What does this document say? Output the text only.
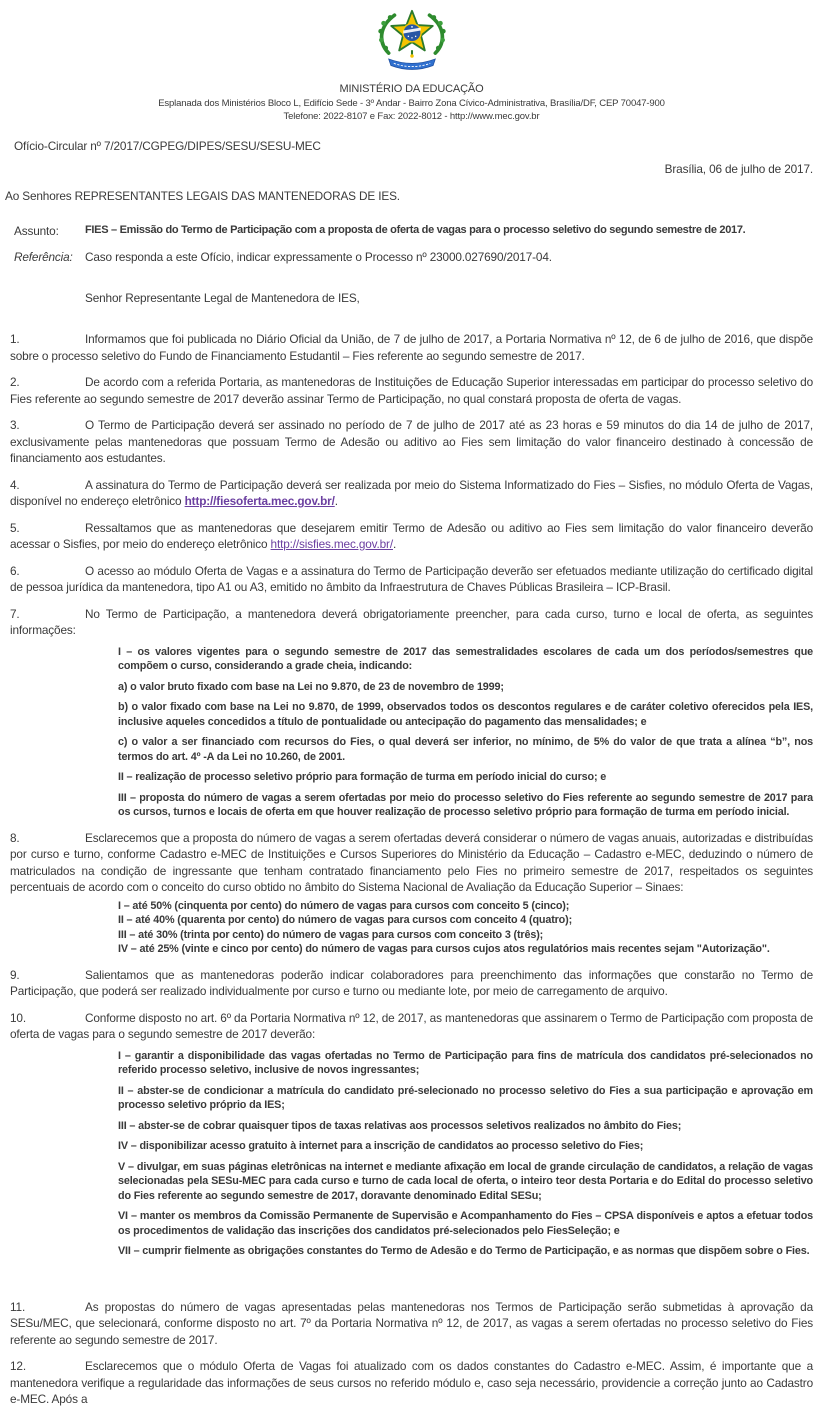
MINISTÉRIO DA EDUCAÇÃO
Esplanada dos Ministérios Bloco L, Edifício Sede - 3º Andar - Bairro Zona Cívico-Administrativa, Brasília/DF, CEP 70047-900
Telefone: 2022-8107 e Fax: 2022-8012 - http://www.mec.gov.br
Ofício-Circular nº 7/2017/CGPEG/DIPES/SESU/SESU-MEC
Brasília, 06 de julho de 2017.
Ao Senhores REPRESENTANTES LEGAIS DAS MANTENEDORAS DE IES.
Assunto:	FIES – Emissão do Termo de Participação com a proposta de oferta de vagas para o processo seletivo do segundo semestre de 2017.
Referência:	Caso responda a este Ofício, indicar expressamente o Processo nº 23000.027690/2017-04.
Senhor Representante Legal de Mantenedora de IES,
1.	Informamos que foi publicada no Diário Oficial da União, de 7 de julho de 2017, a Portaria Normativa nº 12, de 6 de julho de 2016, que dispõe sobre o processo seletivo do Fundo de Financiamento Estudantil – Fies referente ao segundo semestre de 2017.
2.	De acordo com a referida Portaria, as mantenedoras de Instituições de Educação Superior interessadas em participar do processo seletivo do Fies referente ao segundo semestre de 2017 deverão assinar Termo de Participação, no qual constará proposta de oferta de vagas.
3.	O Termo de Participação deverá ser assinado no período de 7 de julho de 2017 até as 23 horas e 59 minutos do dia 14 de julho de 2017, exclusivamente pelas mantenedoras que possuam Termo de Adesão ou aditivo ao Fies sem limitação do valor financeiro destinado à concessão de financiamento aos estudantes.
4.	A assinatura do Termo de Participação deverá ser realizada por meio do Sistema Informatizado do Fies – Sisfies, no módulo Oferta de Vagas, disponível no endereço eletrônico http://fiesoferta.mec.gov.br/.
5.	Ressaltamos que as mantenedoras que desejarem emitir Termo de Adesão ou aditivo ao Fies sem limitação do valor financeiro deverão acessar o Sisfies, por meio do endereço eletrônico http://sisfies.mec.gov.br/.
6.	O acesso ao módulo Oferta de Vagas e a assinatura do Termo de Participação deverão ser efetuados mediante utilização do certificado digital de pessoa jurídica da mantenedora, tipo A1 ou A3, emitido no âmbito da Infraestrutura de Chaves Públicas Brasileira – ICP-Brasil.
7.	No Termo de Participação, a mantenedora deverá obrigatoriamente preencher, para cada curso, turno e local de oferta, as seguintes informações:
I – os valores vigentes para o segundo semestre de 2017 das semestralidades escolares de cada um dos períodos/semestres que compõem o curso, considerando a grade cheia, indicando:
a) o valor bruto fixado com base na Lei no 9.870, de 23 de novembro de 1999;
b) o valor fixado com base na Lei no 9.870, de 1999, observados todos os descontos regulares e de caráter coletivo oferecidos pela IES, inclusive aqueles concedidos a título de pontualidade ou antecipação do pagamento das mensalidades; e
c) o valor a ser financiado com recursos do Fies, o qual deverá ser inferior, no mínimo, de 5% do valor de que trata a alínea “b”, nos termos do art. 4º -A da Lei no 10.260, de 2001.
II – realização de processo seletivo próprio para formação de turma em período inicial do curso; e
III – proposta do número de vagas a serem ofertadas por meio do processo seletivo do Fies referente ao segundo semestre de 2017 para os cursos, turnos e locais de oferta em que houver realização de processo seletivo próprio para formação de turma em período inicial.
8.	Esclarecemos que a proposta do número de vagas a serem ofertadas deverá considerar o número de vagas anuais, autorizadas e distribuídas por curso e turno, conforme Cadastro e-MEC de Instituições e Cursos Superiores do Ministério da Educação – Cadastro e-MEC, deduzindo o número de matriculados na condição de ingressante que tenham contratado financiamento pelo Fies no primeiro semestre de 2017, respeitados os seguintes percentuais de acordo com o conceito do curso obtido no âmbito do Sistema Nacional de Avaliação da Educação Superior – Sinaes:
I – até 50% (cinquenta por cento) do número de vagas para cursos com conceito 5 (cinco);
II – até 40% (quarenta por cento) do número de vagas para cursos com conceito 4 (quatro);
III – até 30% (trinta por cento) do número de vagas para cursos com conceito 3 (três);
IV – até 25% (vinte e cinco por cento) do número de vagas para cursos cujos atos regulatórios mais recentes sejam "Autorização".
9.	Salientamos que as mantenedoras poderão indicar colaboradores para preenchimento das informações que constarão no Termo de Participação, que poderá ser realizado individualmente por curso e turno ou mediante lote, por meio de carregamento de arquivo.
10.	Conforme disposto no art. 6º da Portaria Normativa nº 12, de 2017, as mantenedoras que assinarem o Termo de Participação com proposta de oferta de vagas para o segundo semestre de 2017 deverão:
I – garantir a disponibilidade das vagas ofertadas no Termo de Participação para fins de matrícula dos candidatos pré-selecionados no referido processo seletivo, inclusive de novos ingressantes;
II – abster-se de condicionar a matrícula do candidato pré-selecionado no processo seletivo do Fies a sua participação e aprovação em processo seletivo próprio da IES;
III – abster-se de cobrar quaisquer tipos de taxas relativas aos processos seletivos realizados no âmbito do Fies;
IV – disponibilizar acesso gratuito à internet para a inscrição de candidatos ao processo seletivo do Fies;
V – divulgar, em suas páginas eletrônicas na internet e mediante afixação em local de grande circulação de candidatos, a relação de vagas selecionadas pela SESu-MEC para cada curso e turno de cada local de oferta, o inteiro teor desta Portaria e do Edital do processo seletivo do Fies referente ao segundo semestre de 2017, doravante denominado Edital SESu;
VI – manter os membros da Comissão Permanente de Supervisão e Acompanhamento do Fies – CPSA disponíveis e aptos a efetuar todos os procedimentos de validação das inscrições dos candidatos pré-selecionados pelo FiesSeleção; e
VII – cumprir fielmente as obrigações constantes do Termo de Adesão e do Termo de Participação, e as normas que dispõem sobre o Fies.
11.	As propostas do número de vagas apresentadas pelas mantenedoras nos Termos de Participação serão submetidas à aprovação da SESu/MEC, que selecionará, conforme disposto no art. 7º da Portaria Normativa nº 12, de 2017, as vagas a serem ofertadas no processo seletivo do Fies referente ao segundo semestre de 2017.
12.	Esclarecemos que o módulo Oferta de Vagas foi atualizado com os dados constantes do Cadastro e-MEC. Assim, é importante que a mantenedora verifique a regularidade das informações de seus cursos no referido módulo e, caso seja necessário, providencie a correção junto ao Cadastro e-MEC. Após a
